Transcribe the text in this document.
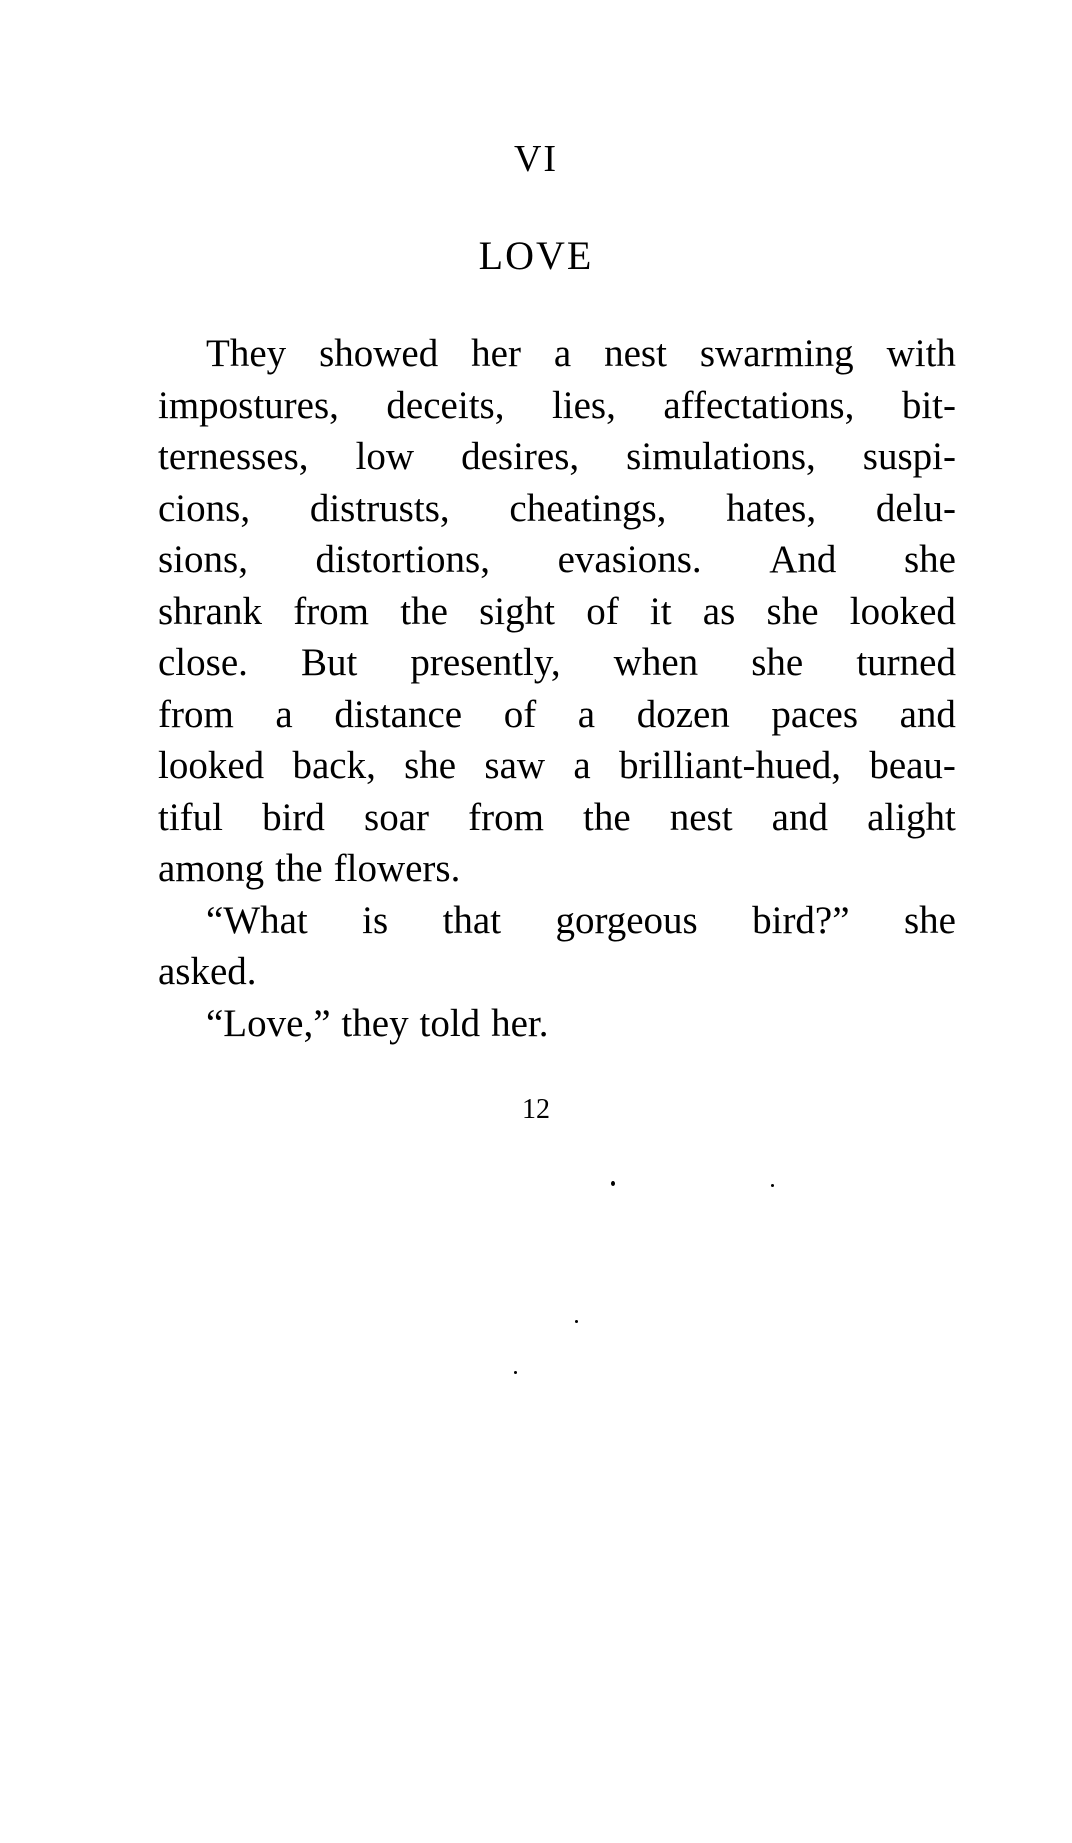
VI
LOVE
They showed her a nest swarming with
impostures, deceits, lies, affectations, bit-
ternesses, low desires, simulations, suspi-
cions, distrusts, cheatings, hates, delu-
sions, distortions, evasions. And she
shrank from the sight of it as she looked
close. But presently, when she turned
from a distance of a dozen paces and
looked back, she saw a brilliant-hued, beau-
tiful bird soar from the nest and alight
among the flowers.
“What is that gorgeous bird?” she
asked.
“Love,” they told her.
12
